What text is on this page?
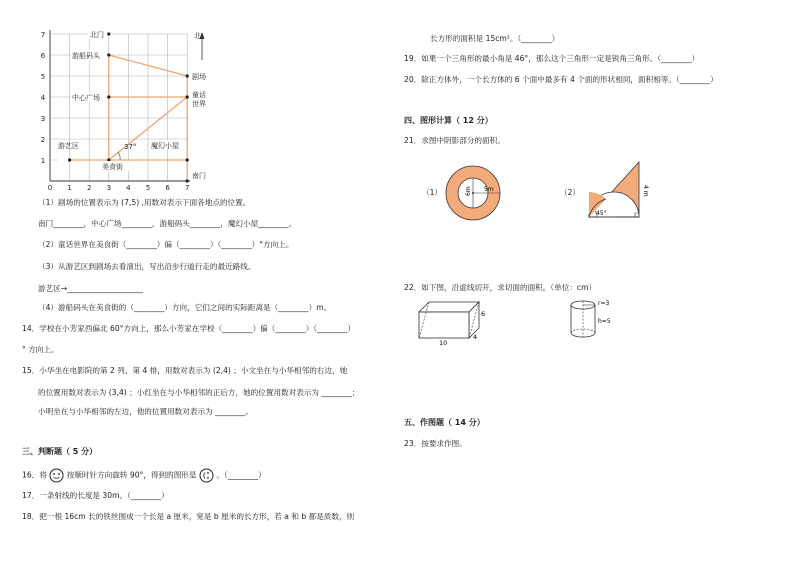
7
6
5
4
3
2
1
0 1 2 3 4 5 6 7
北
北门
游船码头
剧场
中心广场	童话
世界
游艺区
美食街
魔幻小屋
南门
37°
（1）剧场的位置表示为 (7,5) ,用数对表示下面各地点的位置。
南门________，中心广场________，游船码头________，魔幻小屋________。
（2）童话世界在美食街（________）偏（________）（________）°方向上。
（3）从游艺区到剧场去看演出，写出沿步行道行走的最近路线。
游艺区→____________________
（4）游船码头在美食街的（________）方向，它们之间的实际距离是（________）m。
14．学校在小芳家西偏北 60°方向上，那么小芳家在学校（________）偏（________）（________）
° 方向上。
15．小华坐在电影院的第 2 列、第 4 排，用数对表示为 (2,4) ；小文坐在与小华相邻的右边，她
的位置用数对表示为 (3,4) ；小红坐在与小华相邻的正后方，她的位置用数对表示为 ________；
小明坐在与小华相邻的左边，他的位置用数对表示为 ________。
三、判断题（ 5 分）
16．将	按顺时针方向旋转 90°，得到的图形是	。（________）
17．一条射线的长度是 30m。（________）
18．把一根 16cm 长的铁丝围成一个长是 a 厘米，宽是 b 厘米的长方形，若 a 和 b 都是质数，则
长方形的面积是 15cm²。（________）
19．如果一个三角形的最小角是 46°，那么这个三角形一定是锐角三角形。（________）
20．除正方体外，一个长方体的 6 个面中最多有 4 个面的形状相同，面积相等。（________）
四、图形计算（ 12 分）
21．求图中阴影部分的面积。
（1）	6m 5m	（2）
45°
4 m
22．如下图，沿虚线切开，求切面的面积。（单位：cm）
6
4
10
r=3
h=5
五、作图题（ 14 分）
23．按要求作图。
